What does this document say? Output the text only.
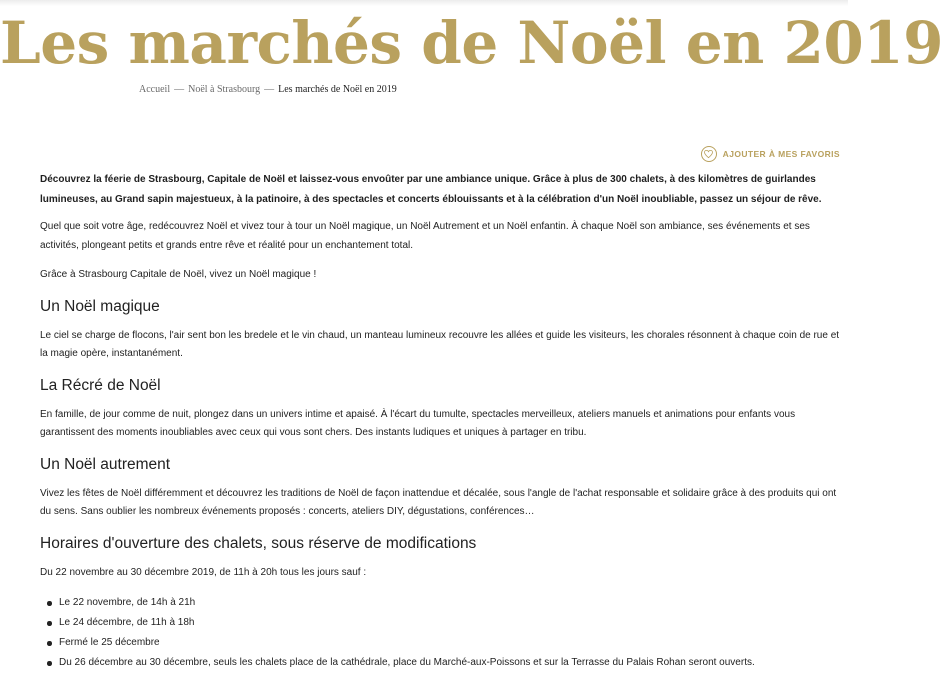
Les marchés de Noël en 2019
Accueil — Noël à Strasbourg — Les marchés de Noël en 2019
AJOUTER À MES FAVORIS

Découvrez la féerie de Strasbourg, Capitale de Noël et laissez-vous envoûter par une ambiance unique. Grâce à plus de 300 chalets, à des kilomètres de guirlandes lumineuses, au Grand sapin majestueux, à la patinoire, à des spectacles et concerts éblouissants et à la célébration d'un Noël inoubliable, passez un séjour de rêve.

Quel que soit votre âge, redécouvrez Noël et vivez tour à tour un Noël magique, un Noël Autrement et un Noël enfantin. À chaque Noël son ambiance, ses événements et ses activités, plongeant petits et grands entre rêve et réalité pour un enchantement total.

Grâce à Strasbourg Capitale de Noël, vivez un Noël magique !

Un Noël magique

Le ciel se charge de flocons, l'air sent bon les bredele et le vin chaud, un manteau lumineux recouvre les allées et guide les visiteurs, les chorales résonnent à chaque coin de rue et la magie opère, instantanément.

La Récré de Noël

En famille, de jour comme de nuit, plongez dans un univers intime et apaisé. À l'écart du tumulte, spectacles merveilleux, ateliers manuels et animations pour enfants vous garantissent des moments inoubliables avec ceux qui vous sont chers. Des instants ludiques et uniques à partager en tribu.

Un Noël autrement

Vivez les fêtes de Noël différemment et découvrez les traditions de Noël de façon inattendue et décalée, sous l'angle de l'achat responsable et solidaire grâce à des produits qui ont du sens. Sans oublier les nombreux événements proposés : concerts, ateliers DIY, dégustations, conférences…

Horaires d'ouverture des chalets, sous réserve de modifications

Du 22 novembre au 30 décembre 2019, de 11h à 20h tous les jours sauf :

Le 22 novembre, de 14h à 21h
Le 24 décembre, de 11h à 18h
Fermé le 25 décembre
Du 26 décembre au 30 décembre, seuls les chalets place de la cathédrale, place du Marché-aux-Poissons et sur la Terrasse du Palais Rohan seront ouverts.
